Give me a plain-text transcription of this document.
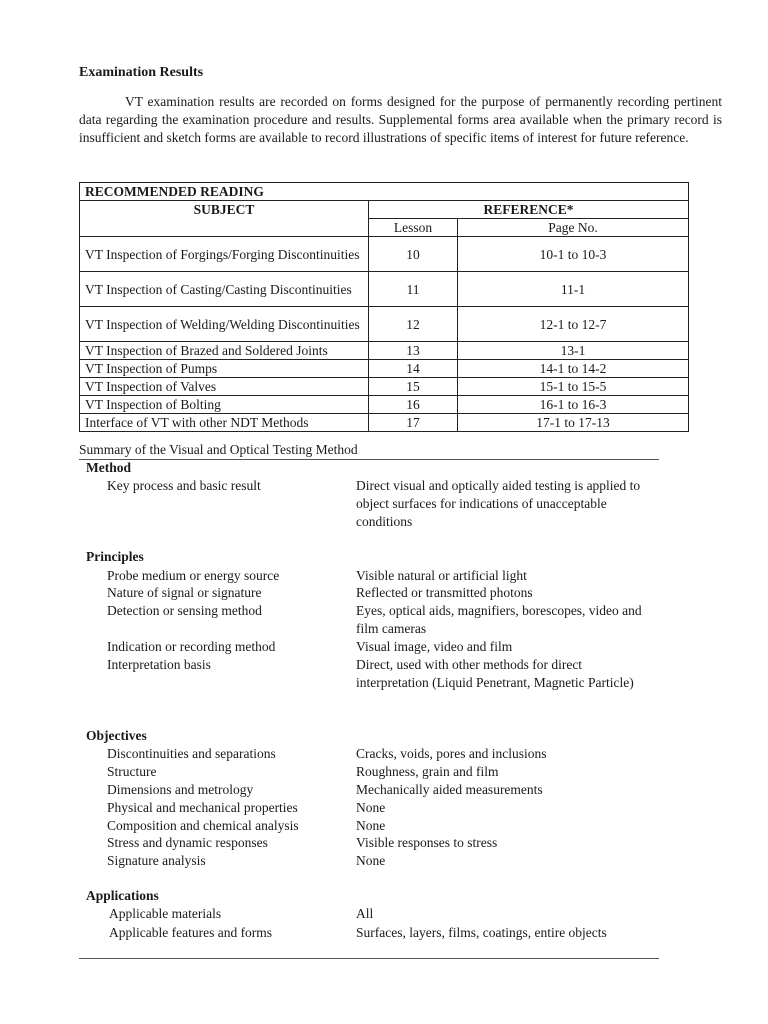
Examination Results
VT examination results are recorded on forms designed for the purpose of permanently recording pertinent data regarding the examination procedure and results. Supplemental forms area available when the primary record is insufficient and sketch forms are available to record illustrations of specific items of interest for future reference.
RECOMMENDED READING		
SUBJECT	REFERENCE*	
	Lesson	Page No.
VT Inspection of Forgings/Forging Discontinuities	10	10-1 to 10-3
VT Inspection of Casting/Casting Discontinuities	11	11-1
VT Inspection of Welding/Welding Discontinuities	12	12-1 to 12-7
VT Inspection of Brazed and Soldered Joints	13	13-1
VT Inspection of Pumps	14	14-1 to 14-2
VT Inspection of Valves	15	15-1 to 15-5
VT Inspection of Bolting	16	16-1 to 16-3
Interface of VT with other NDT Methods	17	17-1 to 17-13
Summary of the Visual and Optical Testing Method
Method
Key process and basic result	Direct visual and optically aided testing is applied to object surfaces for indications of unacceptable conditions
Principles
Probe medium or energy source	Visible natural or artificial light
Nature of signal or signature	Reflected or transmitted photons
Detection or sensing method	Eyes, optical aids, magnifiers, borescopes, video and film cameras
Indication or recording method	Visual image, video and film
Interpretation basis	Direct, used with other methods for direct interpretation (Liquid Penetrant, Magnetic Particle)
Objectives
Discontinuities and separations	Cracks, voids, pores and inclusions
Structure	Roughness, grain and film
Dimensions and metrology	Mechanically aided measurements
Physical and mechanical properties	None
Composition and chemical analysis	None
Stress and dynamic responses	Visible responses to stress
Signature analysis	None
Applications
Applicable materials	All
Applicable features and forms	Surfaces, layers, films, coatings, entire objects
